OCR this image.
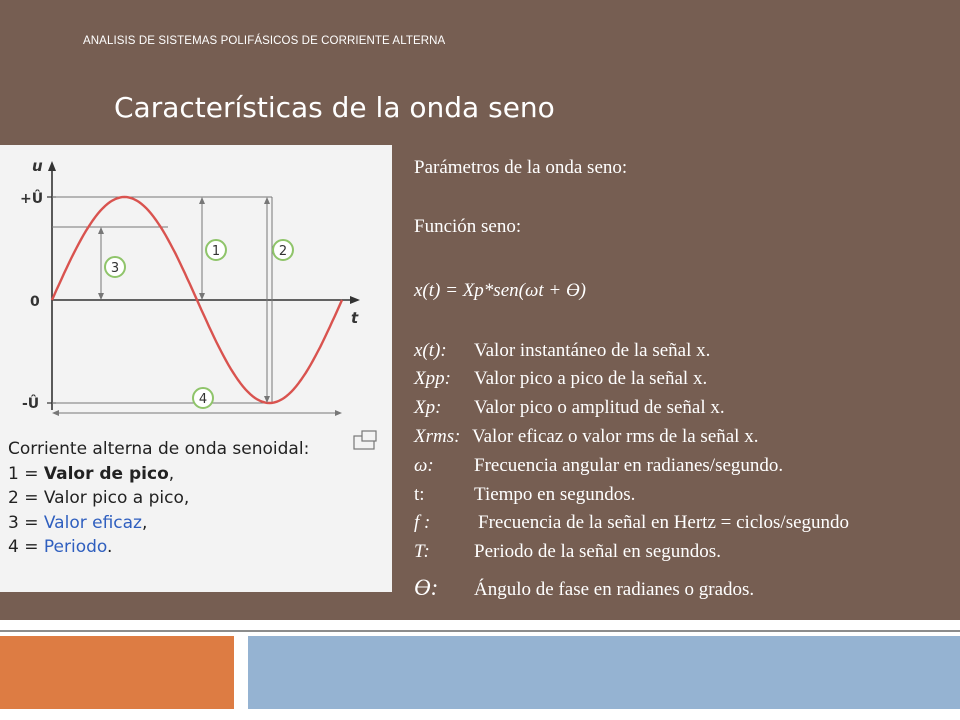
ANALISIS DE SISTEMAS POLIFÁSICOS DE CORRIENTE ALTERNA
Características de la onda seno
u
t
+Û
0
-Û
1	2
3
4
Corriente alterna de onda senoidal:
1 = Valor de pico,
2 = Valor pico a pico,
3 = Valor eficaz,
4 = Periodo.
Parámetros de la onda seno:
Función seno:
x(t) = Xp*sen(ωt + ϴ)
x(t): Valor instantáneo de la señal x.
Xpp: Valor pico a pico de la señal x.
Xp: Valor pico o amplitud de señal x.
Xrms: Valor eficaz o valor rms de la señal x.
ω: Frecuencia angular en radianes/segundo.
t:	Tiempo en segundos.
f :	Frecuencia de la señal en Hertz = ciclos/segundo
T: Periodo de la señal en segundos.
ϴ: Ángulo de fase en radianes o grados.
